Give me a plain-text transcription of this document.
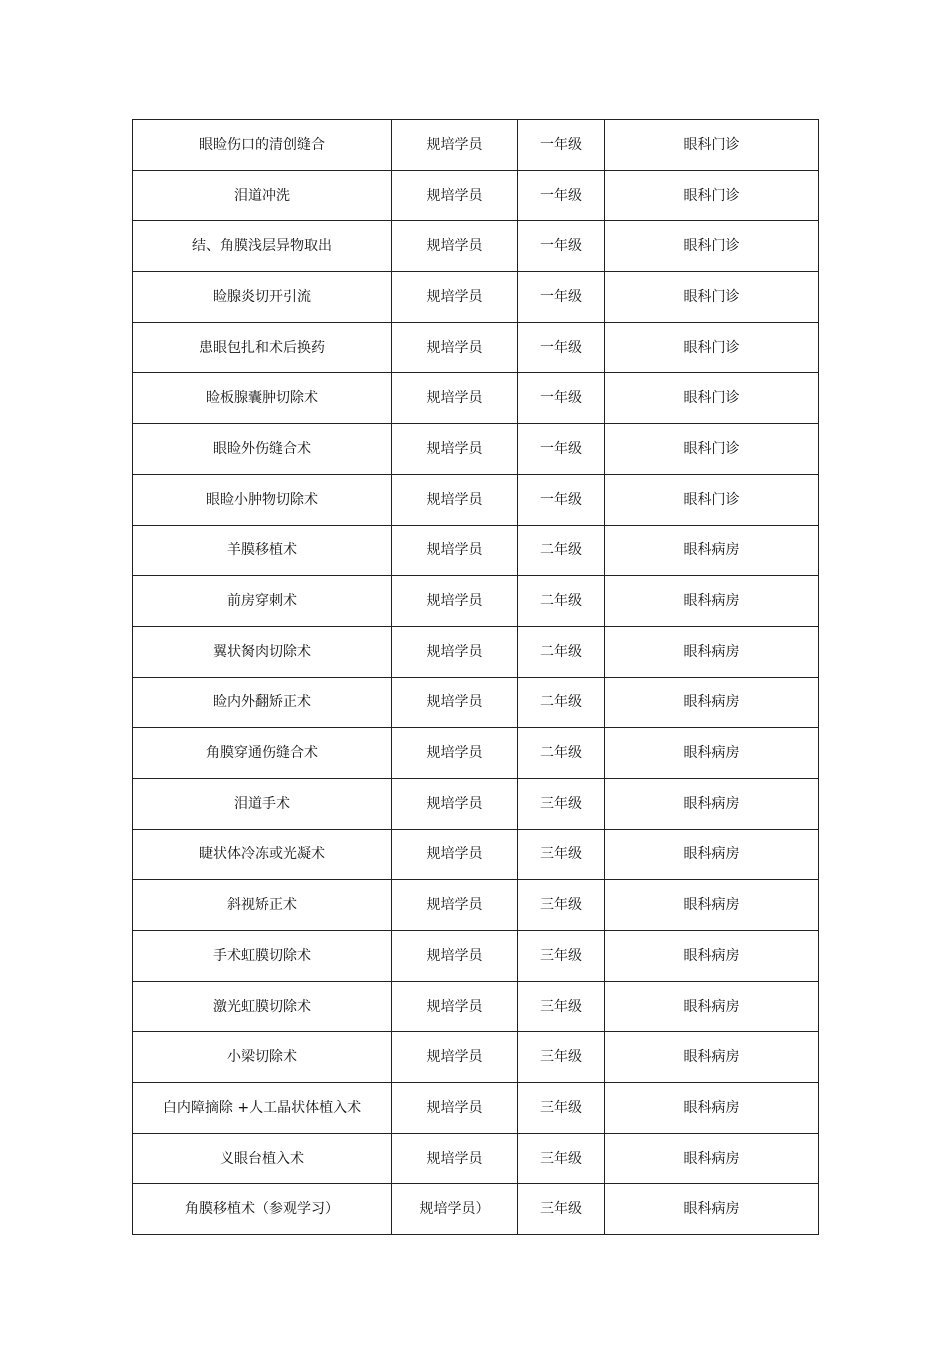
眼睑伤口的清创缝合	规培学员	一年级	眼科门诊
泪道冲洗	规培学员	一年级	眼科门诊
结、角膜浅层异物取出	规培学员	一年级	眼科门诊
睑腺炎切开引流	规培学员	一年级	眼科门诊
患眼包扎和术后换药	规培学员	一年级	眼科门诊
睑板腺囊肿切除术	规培学员	一年级	眼科门诊
眼睑外伤缝合术	规培学员	一年级	眼科门诊
眼睑小肿物切除术	规培学员	一年级	眼科门诊
羊膜移植术	规培学员	二年级	眼科病房
前房穿刺术	规培学员	二年级	眼科病房
翼状胬肉切除术	规培学员	二年级	眼科病房
睑内外翻矫正术	规培学员	二年级	眼科病房
角膜穿通伤缝合术	规培学员	二年级	眼科病房
泪道手术	规培学员	三年级	眼科病房
睫状体冷冻或光凝术	规培学员	三年级	眼科病房
斜视矫正术	规培学员	三年级	眼科病房
手术虹膜切除术	规培学员	三年级	眼科病房
激光虹膜切除术	规培学员	三年级	眼科病房
小梁切除术	规培学员	三年级	眼科病房
白内障摘除 +人工晶状体植入术	规培学员	三年级	眼科病房
义眼台植入术	规培学员	三年级	眼科病房
角膜移植术（参观学习）	规培学员）	三年级	眼科病房
